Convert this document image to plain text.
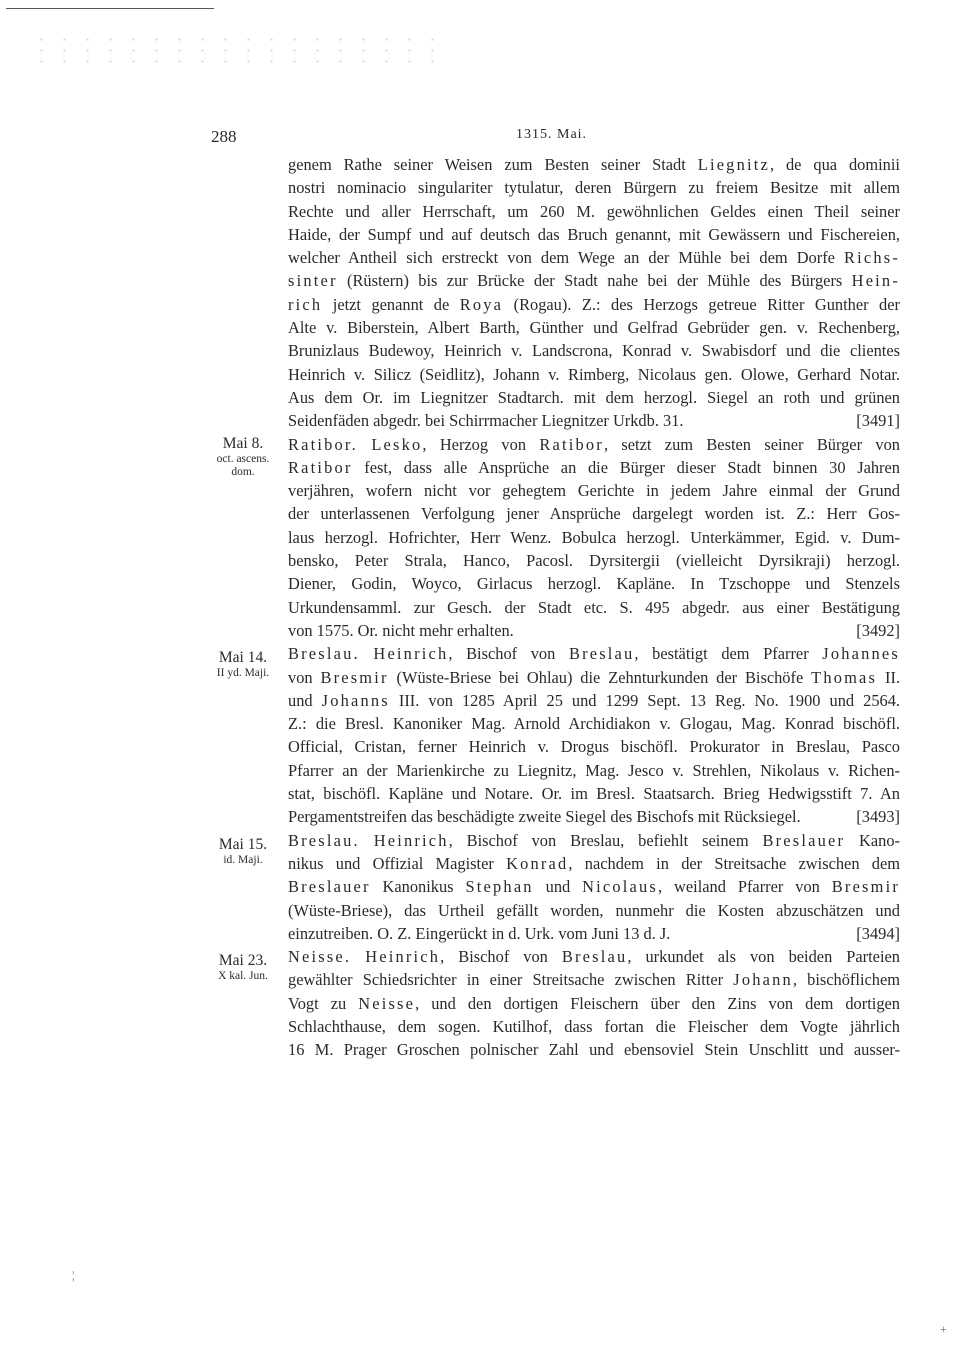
288	1315. Mai.
Mai 8.
oct. ascens.
dom.
Mai 14.
II yd. Maji.
Mai 15.
id. Maji.
Mai 23.
X kal. Jun.
genem Rathe seiner Weisen zum Besten seiner Stadt Liegnitz, de qua dominii
nostri nominacio singulariter tytulatur, deren Bürgern zu freiem Besitze mit allem
Rechte und aller Herrschaft, um 260 M. gewöhnlichen Geldes einen Theil seiner
Haide, der Sumpf und auf deutsch das Bruch genannt, mit Gewässern und Fischereien,
welcher Antheil sich erstreckt von dem Wege an der Mühle bei dem Dorfe Richs-
sinter (Rüstern) bis zur Brücke der Stadt nahe bei der Mühle des Bürgers Hein-
rich jetzt genannt de Roya (Rogau). Z.: des Herzogs getreue Ritter Gunther der
Alte v. Biberstein, Albert Barth, Günther und Gelfrad Gebrüder gen. v. Rechenberg,
Brunizlaus Budewoy, Heinrich v. Landscrona, Konrad v. Swabisdorf und die clientes
Heinrich v. Silicz (Seidlitz), Johann v. Rimberg, Nicolaus gen. Olowe, Gerhard Notar.
Aus dem Or. im Liegnitzer Stadtarch. mit dem herzogl. Siegel an roth und grünen
Seidenfäden abgedr. bei Schirrmacher Liegnitzer Urkdb. 31.	[3491]
Ratibor. Lesko, Herzog von Ratibor, setzt zum Besten seiner Bürger von
Ratibor fest, dass alle Ansprüche an die Bürger dieser Stadt binnen 30 Jahren
verjähren, wofern nicht vor gehegtem Gerichte in jedem Jahre einmal der Grund
der unterlassenen Verfolgung jener Ansprüche dargelegt worden ist. Z.: Herr Gos-
laus herzogl. Hofrichter, Herr Wenz. Bobulca herzogl. Unterkämmer, Egid. v. Dum-
bensko, Peter Strala, Hanco, Pacosl. Dyrsitergii (vielleicht Dyrsikraji) herzogl.
Diener, Godin, Woyco, Girlacus herzogl. Kapläne. In Tzschoppe und Stenzels
Urkundensamml. zur Gesch. der Stadt etc. S. 495 abgedr. aus einer Bestätigung
von 1575. Or. nicht mehr erhalten.	[3492]
Breslau. Heinrich, Bischof von Breslau, bestätigt dem Pfarrer Johannes
von Bresmir (Wüste-Briese bei Ohlau) die Zehnturkunden der Bischöfe Thomas II.
und Johanns III. von 1285 April 25 und 1299 Sept. 13 Reg. No. 1900 und 2564.
Z.: die Bresl. Kanoniker Mag. Arnold Archidiakon v. Glogau, Mag. Konrad bischöfl.
Official, Cristan, ferner Heinrich v. Drogus bischöfl. Prokurator in Breslau, Pasco
Pfarrer an der Marienkirche zu Liegnitz, Mag. Jesco v. Strehlen, Nikolaus v. Richen-
stat, bischöfl. Kapläne und Notare. Or. im Bresl. Staatsarch. Brieg Hedwigsstift 7. An
Pergamentstreifen das beschädigte zweite Siegel des Bischofs mit Rücksiegel.	[3493]
Breslau. Heinrich, Bischof von Breslau, befiehlt seinem Breslauer Kano-
nikus und Offizial Magister Konrad, nachdem in der Streitsache zwischen dem
Breslauer Kanonikus Stephan und Nicolaus, weiland Pfarrer von Bresmir
(Wüste-Briese), das Urtheil gefällt worden, nunmehr die Kosten abzuschätzen und
einzutreiben. O. Z. Eingerückt in d. Urk. vom Juni 13 d. J.	[3494]
Neisse. Heinrich, Bischof von Breslau, urkundet als von beiden Parteien
gewählter Schiedsrichter in einer Streitsache zwischen Ritter Johann, bischöflichem
Vogt zu Neisse, und den dortigen Fleischern über den Zins von dem dortigen
Schlachthause, dem sogen. Kutilhof, dass fortan die Fleischer dem Vogte jährlich
16 M. Prager Groschen polnischer Zahl und ebensoviel Stein Unschlitt und ausser-
¦
+
